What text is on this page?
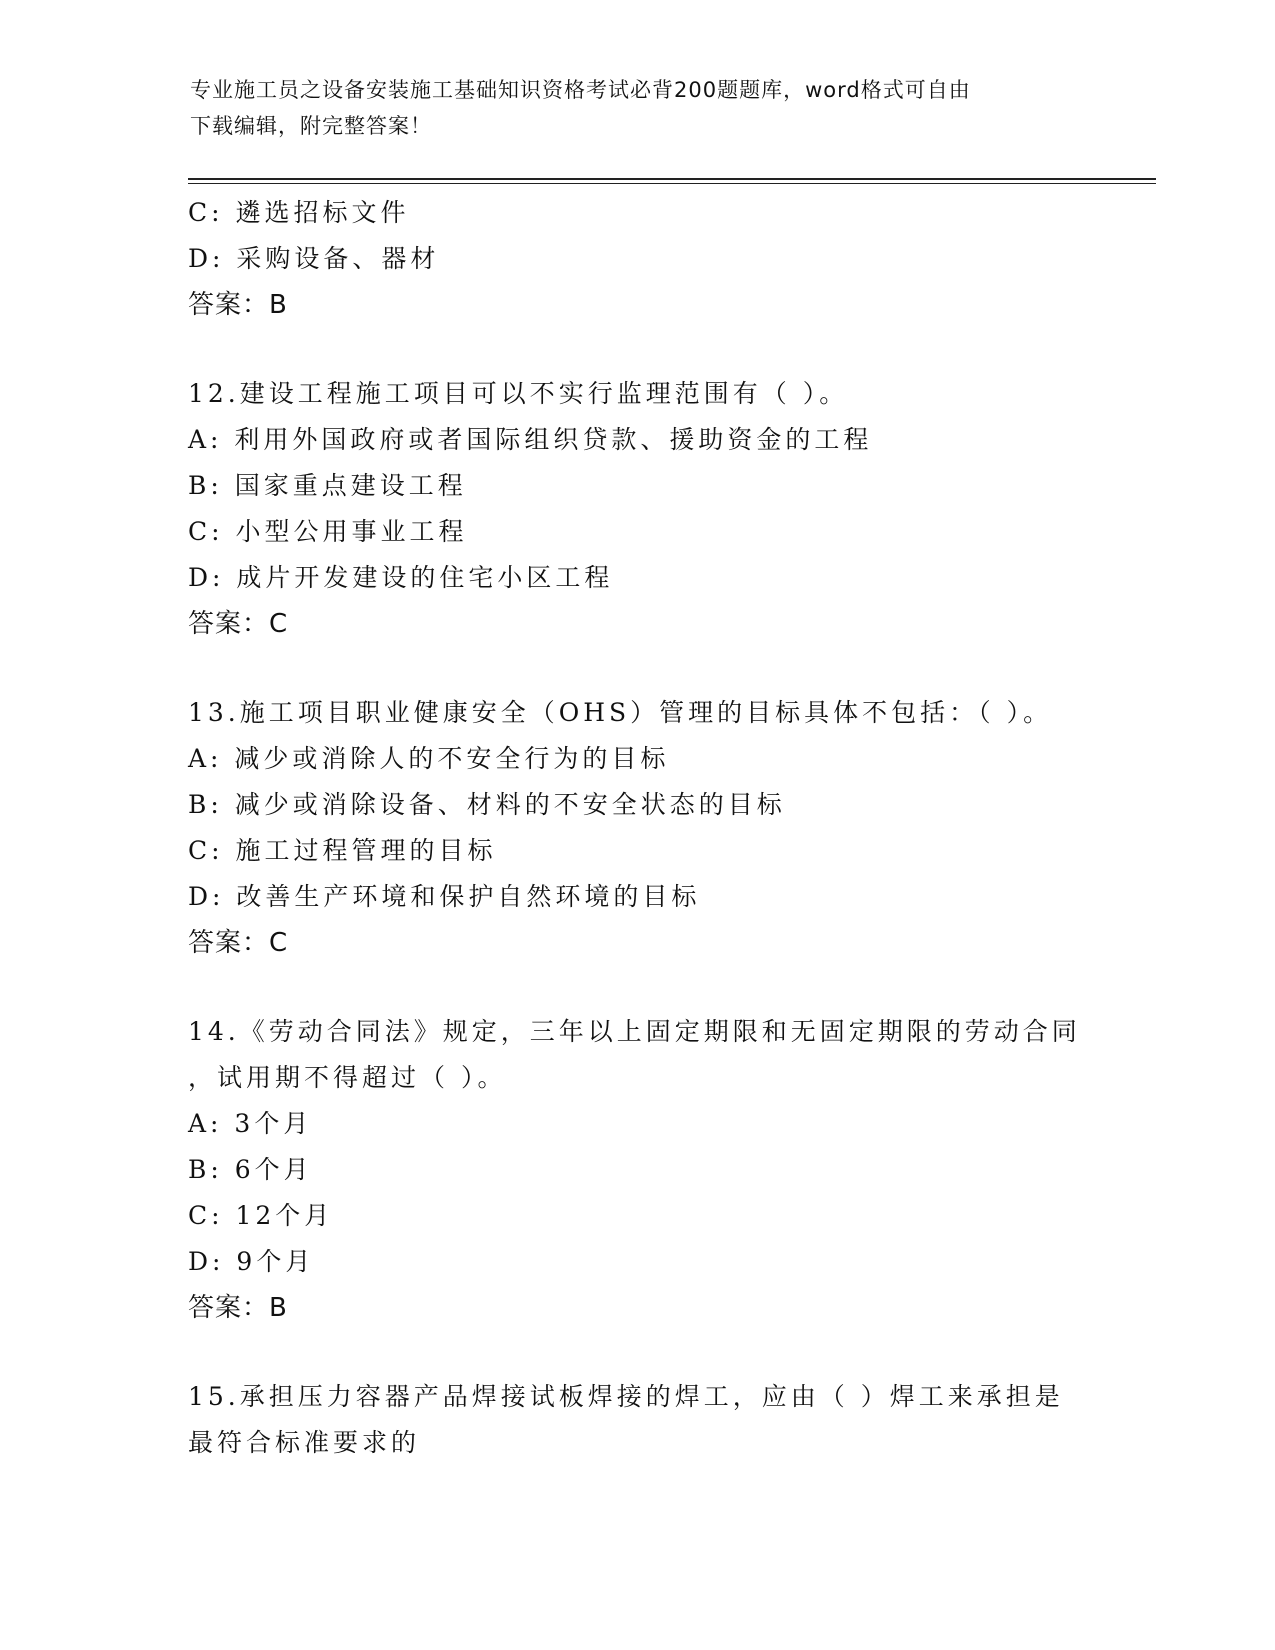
专业施工员之设备安装施工基础知识资格考试必背200题题库，word格式可自由
下载编辑，附完整答案！
C: 遴选招标文件
D: 采购设备、器材
答案：B
12.建设工程施工项目可以不实行监理范围有（ ）。
A: 利用外国政府或者国际组织贷款、援助资金的工程
B: 国家重点建设工程
C: 小型公用事业工程
D: 成片开发建设的住宅小区工程
答案：C
13.施工项目职业健康安全（OHS）管理的目标具体不包括：（ ）。
A: 减少或消除人的不安全行为的目标
B: 减少或消除设备、材料的不安全状态的目标
C: 施工过程管理的目标
D: 改善生产环境和保护自然环境的目标
答案：C
14.《劳动合同法》规定，三年以上固定期限和无固定期限的劳动合同
，试用期不得超过（ ）。
A: 3个月
B: 6个月
C: 12个月
D: 9个月
答案：B
15.承担压力容器产品焊接试板焊接的焊工，应由（ ）焊工来承担是
最符合标准要求的
